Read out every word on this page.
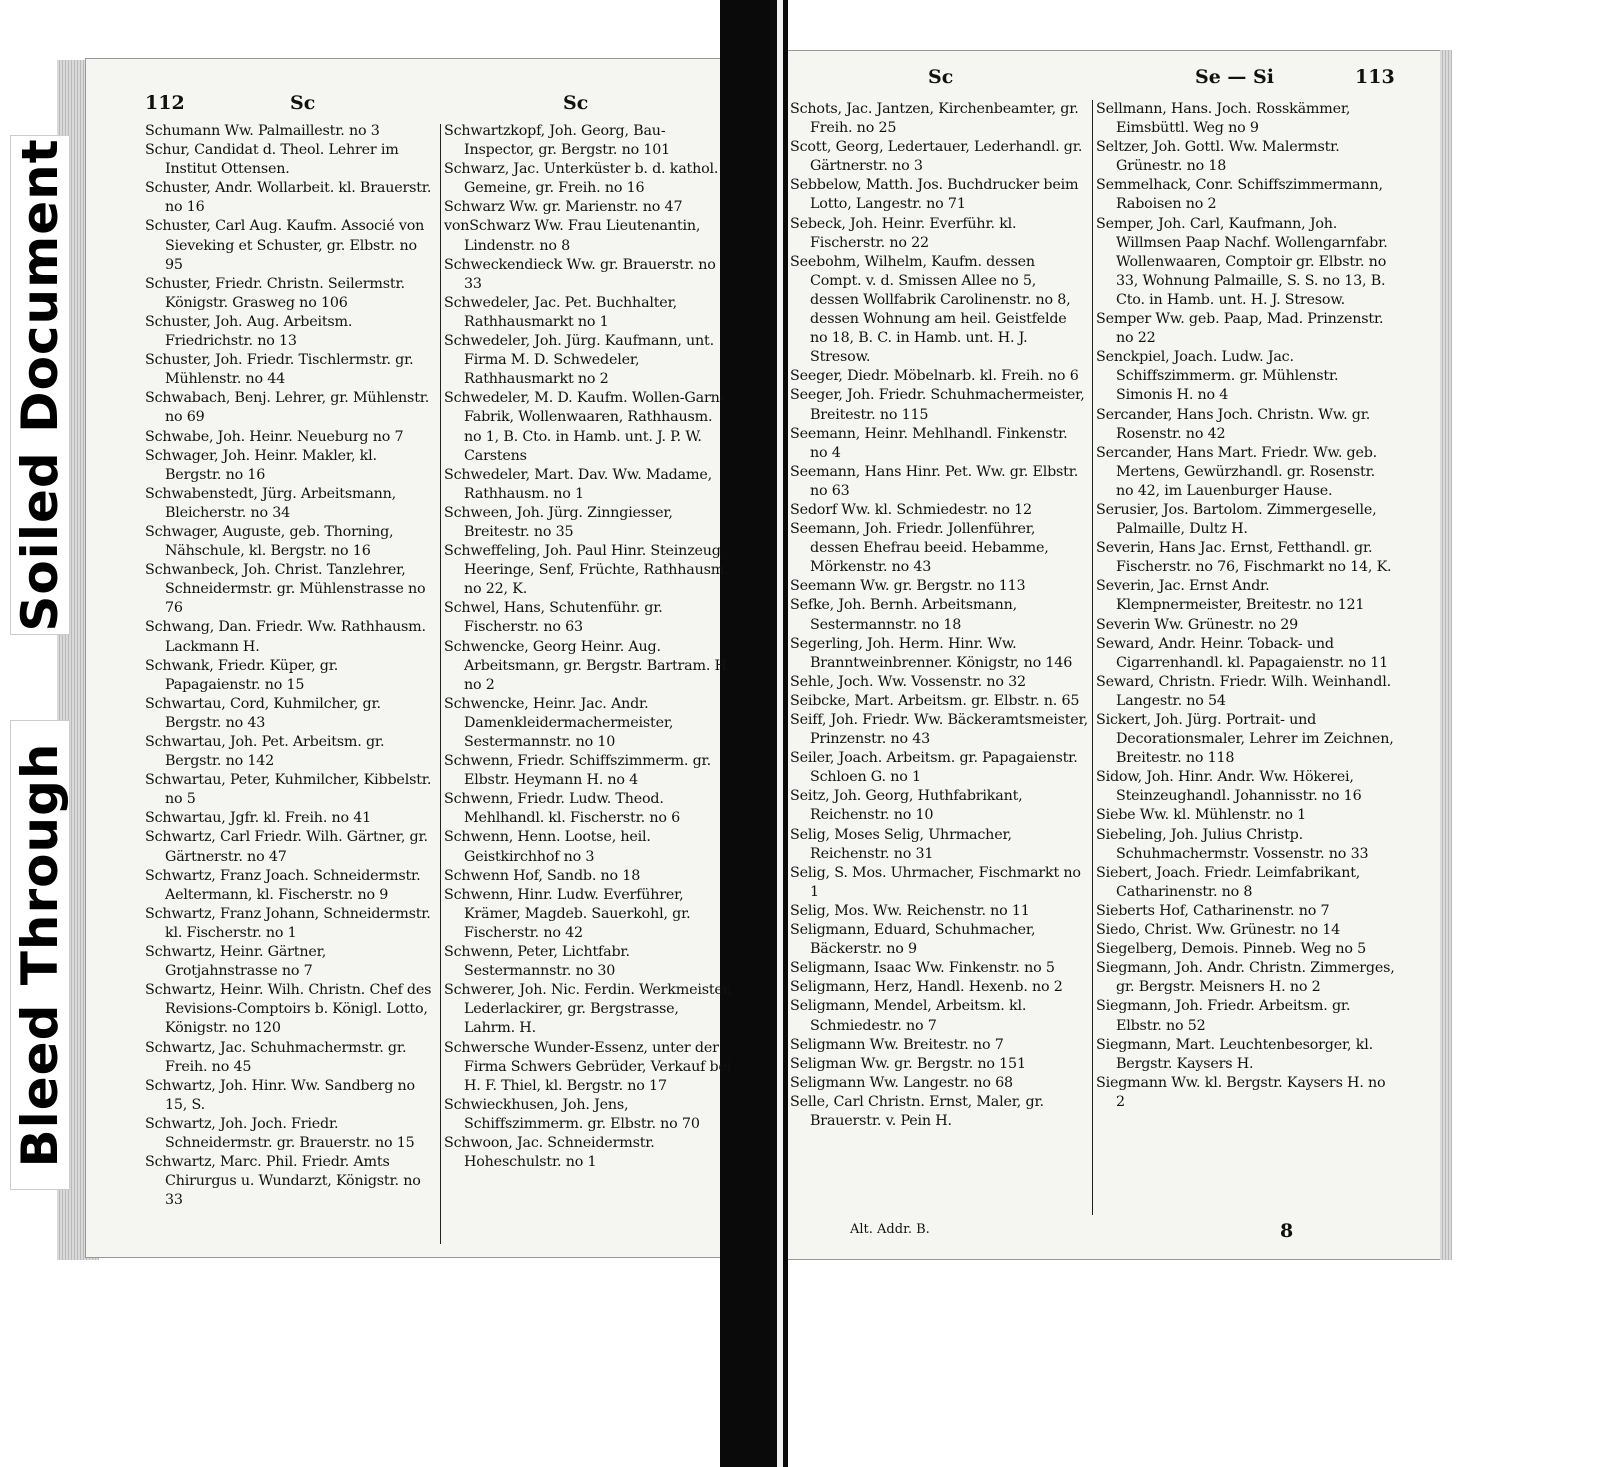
Soiled Document
Bleed Through
112	Sc	Sc

Schumann Ww. Palmaillestr. no 3

Schur, Candidat d. Theol. Lehrer im Institut Ottensen.

Schuster, Andr. Wollarbeit. kl. Brauerstr. no 16

Schuster, Carl Aug. Kaufm. Associé von Sieveking et Schuster, gr. Elbstr. no 95

Schuster, Friedr. Christn. Seilermstr. Königstr. Grasweg no 106

Schuster, Joh. Aug. Arbeitsm. Friedrichstr. no 13

Schuster, Joh. Friedr. Tischlermstr. gr. Mühlenstr. no 44

Schwabach, Benj. Lehrer, gr. Mühlenstr. no 69

Schwabe, Joh. Heinr. Neueburg no 7

Schwager, Joh. Heinr. Makler, kl. Bergstr. no 16

Schwabenstedt, Jürg. Arbeitsmann, Bleicherstr. no 34

Schwager, Auguste, geb. Thorning, Nähschule, kl. Bergstr. no 16

Schwanbeck, Joh. Christ. Tanzlehrer, Schneidermstr. gr. Mühlenstrasse no 76

Schwang, Dan. Friedr. Ww. Rathhausm. Lackmann H.

Schwank, Friedr. Küper, gr. Papagaienstr. no 15

Schwartau, Cord, Kuhmilcher, gr. Bergstr. no 43

Schwartau, Joh. Pet. Arbeitsm. gr. Bergstr. no 142

Schwartau, Peter, Kuhmilcher, Kibbelstr. no 5

Schwartau, Jgfr. kl. Freih. no 41

Schwartz, Carl Friedr. Wilh. Gärtner, gr. Gärtnerstr. no 47

Schwartz, Franz Joach. Schneidermstr. Aeltermann, kl. Fischerstr. no 9

Schwartz, Franz Johann, Schneidermstr. kl. Fischerstr. no 1

Schwartz, Heinr. Gärtner, Grotjahnstrasse no 7

Schwartz, Heinr. Wilh. Christn. Chef des Revisions-Comptoirs b. Königl. Lotto, Königstr. no 120

Schwartz, Jac. Schuhmachermstr. gr. Freih. no 45

Schwartz, Joh. Hinr. Ww. Sandberg no 15, S.

Schwartz, Joh. Joch. Friedr. Schneidermstr. gr. Brauerstr. no 15

Schwartz, Marc. Phil. Friedr. Amts Chirurgus u. Wundarzt, Königstr. no 33

Schwartzkopf, Joh. Georg, Bau-Inspector, gr. Bergstr. no 101

Schwarz, Jac. Unterküster b. d. kathol. Gemeine, gr. Freih. no 16

Schwarz Ww. gr. Marienstr. no 47

vonSchwarz Ww. Frau Lieutenantin, Lindenstr. no 8

Schweckendieck Ww. gr. Brauerstr. no 33

Schwedeler, Jac. Pet. Buchhalter, Rathhausmarkt no 1

Schwedeler, Joh. Jürg. Kaufmann, unt. Firma M. D. Schwedeler, Rathhausmarkt no 2

Schwedeler, M. D. Kaufm. Wollen-Garn-Fabrik, Wollenwaaren, Rathhausm. no 1, B. Cto. in Hamb. unt. J. P. W. Carstens

Schwedeler, Mart. Dav. Ww. Madame, Rathhausm. no 1

Schween, Joh. Jürg. Zinngiesser, Breitestr. no 35

Schweffeling, Joh. Paul Hinr. Steinzeug, Heeringe, Senf, Früchte, Rathhausm. no 22, K.

Schwel, Hans, Schutenführ. gr. Fischerstr. no 63

Schwencke, Georg Heinr. Aug. Arbeitsmann, gr. Bergstr. Bartram. H. no 2

Schwencke, Heinr. Jac. Andr. Damenkleidermachermeister, Sestermannstr. no 10

Schwenn, Friedr. Schiffszimmerm. gr. Elbstr. Heymann H. no 4

Schwenn, Friedr. Ludw. Theod. Mehlhandl. kl. Fischerstr. no 6

Schwenn, Henn. Lootse, heil. Geistkirchhof no 3

Schwenn Hof, Sandb. no 18

Schwenn, Hinr. Ludw. Everführer, Krämer, Magdeb. Sauerkohl, gr. Fischerstr. no 42

Schwenn, Peter, Lichtfabr. Sestermannstr. no 30

Schwerer, Joh. Nic. Ferdin. Werkmeister, Lederlackirer, gr. Bergstrasse, Lahrm. H.

Schwersche Wunder-Essenz, unter der Firma Schwers Gebrüder, Verkauf bei H. F. Thiel, kl. Bergstr. no 17

Schwieckhusen, Joh. Jens, Schiffszimmerm. gr. Elbstr. no 70

Schwoon, Jac. Schneidermstr. Hoheschulstr. no 1

Sc	Se — Si	113

Schots, Jac. Jantzen, Kirchenbeamter, gr. Freih. no 25

Scott, Georg, Ledertauer, Lederhandl. gr. Gärtnerstr. no 3

Sebbelow, Matth. Jos. Buchdrucker beim Lotto, Langestr. no 71

Sebeck, Joh. Heinr. Everführ. kl. Fischerstr. no 22

Seebohm, Wilhelm, Kaufm. dessen Compt. v. d. Smissen Allee no 5, dessen Wollfabrik Carolinenstr. no 8, dessen Wohnung am heil. Geistfelde no 18, B. C. in Hamb. unt. H. J. Stresow.

Seeger, Diedr. Möbelnarb. kl. Freih. no 6

Seeger, Joh. Friedr. Schuhmachermeister, Breitestr. no 115

Seemann, Heinr. Mehlhandl. Finkenstr. no 4

Seemann, Hans Hinr. Pet. Ww. gr. Elbstr. no 63

Sedorf Ww. kl. Schmiedestr. no 12

Seemann, Joh. Friedr. Jollenführer, dessen Ehefrau beeid. Hebamme, Mörkenstr. no 43

Seemann Ww. gr. Bergstr. no 113

Sefke, Joh. Bernh. Arbeitsmann, Sestermannstr. no 18

Segerling, Joh. Herm. Hinr. Ww. Branntweinbrenner. Königstr, no 146

Sehle, Joch. Ww. Vossenstr. no 32

Seibcke, Mart. Arbeitsm. gr. Elbstr. n. 65

Seiff, Joh. Friedr. Ww. Bäckeramtsmeister, Prinzenstr. no 43

Seiler, Joach. Arbeitsm. gr. Papagaienstr. Schloen G. no 1

Seitz, Joh. Georg, Huthfabrikant, Reichenstr. no 10

Selig, Moses Selig, Uhrmacher, Reichenstr. no 31

Selig, S. Mos. Uhrmacher, Fischmarkt no 1

Selig, Mos. Ww. Reichenstr. no 11

Seligmann, Eduard, Schuhmacher, Bäckerstr. no 9

Seligmann, Isaac Ww. Finkenstr. no 5

Seligmann, Herz, Handl. Hexenb. no 2

Seligmann, Mendel, Arbeitsm. kl. Schmiedestr. no 7

Seligmann Ww. Breitestr. no 7

Seligman Ww. gr. Bergstr. no 151

Seligmann Ww. Langestr. no 68

Selle, Carl Christn. Ernst, Maler, gr. Brauerstr. v. Pein H.

Sellmann, Hans. Joch. Rosskämmer, Eimsbüttl. Weg no 9

Seltzer, Joh. Gottl. Ww. Malermstr. Grünestr. no 18

Semmelhack, Conr. Schiffszimmermann, Raboisen no 2

Semper, Joh. Carl, Kaufmann, Joh. Willmsen Paap Nachf. Wollengarnfabr. Wollenwaaren, Comptoir gr. Elbstr. no 33, Wohnung Palmaille, S. S. no 13, B. Cto. in Hamb. unt. H. J. Stresow.

Semper Ww. geb. Paap, Mad. Prinzenstr. no 22

Senckpiel, Joach. Ludw. Jac. Schiffszimmerm. gr. Mühlenstr. Simonis H. no 4

Sercander, Hans Joch. Christn. Ww. gr. Rosenstr. no 42

Sercander, Hans Mart. Friedr. Ww. geb. Mertens, Gewürzhandl. gr. Rosenstr. no 42, im Lauenburger Hause.

Serusier, Jos. Bartolom. Zimmergeselle, Palmaille, Dultz H.

Severin, Hans Jac. Ernst, Fetthandl. gr. Fischerstr. no 76, Fischmarkt no 14, K.

Severin, Jac. Ernst Andr. Klempnermeister, Breitestr. no 121

Severin Ww. Grünestr. no 29

Seward, Andr. Heinr. Toback- und Cigarrenhandl. kl. Papagaienstr. no 11

Seward, Christn. Friedr. Wilh. Weinhandl. Langestr. no 54

Sickert, Joh. Jürg. Portrait- und Decorationsmaler, Lehrer im Zeichnen, Breitestr. no 118

Sidow, Joh. Hinr. Andr. Ww. Hökerei, Steinzeughandl. Johannisstr. no 16

Siebe Ww. kl. Mühlenstr. no 1

Siebeling, Joh. Julius Christp. Schuhmachermstr. Vossenstr. no 33

Siebert, Joach. Friedr. Leimfabrikant, Catharinenstr. no 8

Sieberts Hof, Catharinenstr. no 7

Siedo, Christ. Ww. Grünestr. no 14

Siegelberg, Demois. Pinneb. Weg no 5

Siegmann, Joh. Andr. Christn. Zimmerges, gr. Bergstr. Meisners H. no 2

Siegmann, Joh. Friedr. Arbeitsm. gr. Elbstr. no 52

Siegmann, Mart. Leuchtenbesorger, kl. Bergstr. Kaysers H.

Siegmann Ww. kl. Bergstr. Kaysers H. no 2

Alt. Addr. B.	8
